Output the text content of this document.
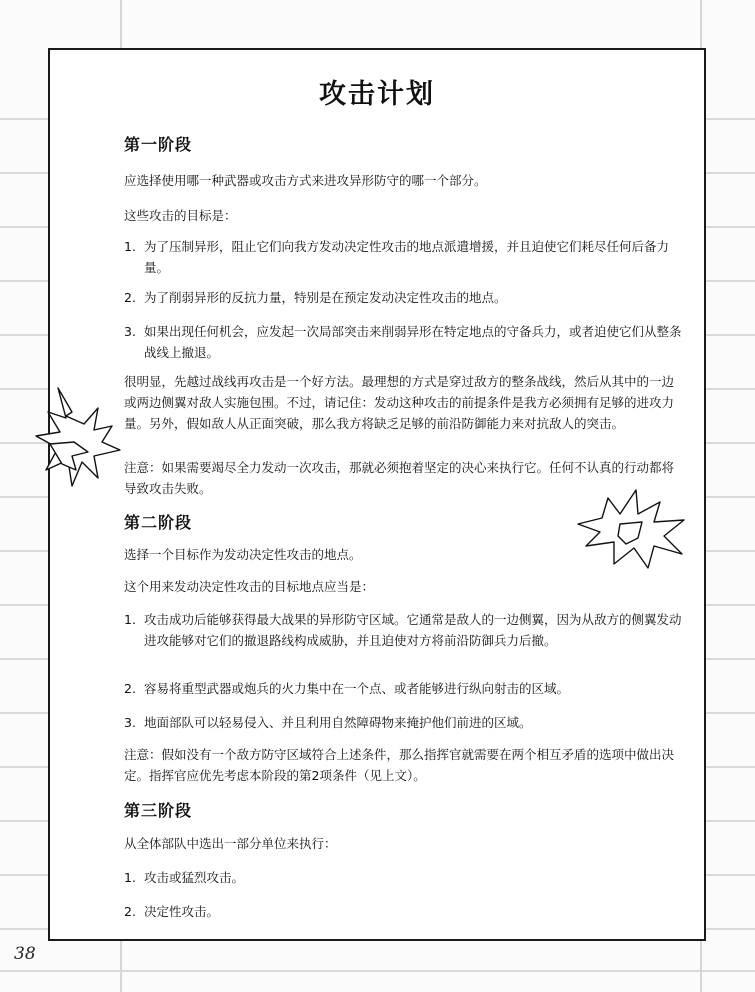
攻击计划
第一阶段
应选择使用哪一种武器或攻击方式来进攻异形防守的哪一个部分。
这些攻击的目标是：
1. 为了压制异形，阻止它们向我方发动决定性攻击的地点派遣增援，并且迫使它们耗尽任何后备力量。
2. 为了削弱异形的反抗力量，特别是在预定发动决定性攻击的地点。
3. 如果出现任何机会，应发起一次局部突击来削弱异形在特定地点的守备兵力，或者迫使它们从整条战线上撤退。
很明显，先越过战线再攻击是一个好方法。最理想的方式是穿过敌方的整条战线，然后从其中的一边或两边侧翼对敌人实施包围。不过，请记住：发动这种攻击的前提条件是我方必须拥有足够的进攻力量。另外，假如敌人从正面突破，那么我方将缺乏足够的前沿防御能力来对抗敌人的突击。
注意：如果需要竭尽全力发动一次攻击，那就必须抱着坚定的决心来执行它。任何不认真的行动都将导致攻击失败。
第二阶段
选择一个目标作为发动决定性攻击的地点。
这个用来发动决定性攻击的目标地点应当是：
1. 攻击成功后能够获得最大战果的异形防守区域。它通常是敌人的一边侧翼，因为从敌方的侧翼发动进攻能够对它们的撤退路线构成威胁，并且迫使对方将前沿防御兵力后撤。
2. 容易将重型武器或炮兵的火力集中在一个点、或者能够进行纵向射击的区域。
3. 地面部队可以轻易侵入、并且利用自然障碍物来掩护他们前进的区域。
注意：假如没有一个敌方防守区域符合上述条件，那么指挥官就需要在两个相互矛盾的选项中做出决定。指挥官应优先考虑本阶段的第2项条件（见上文）。
第三阶段
从全体部队中选出一部分单位来执行：
1. 攻击或猛烈攻击。
2. 决定性攻击。
38
